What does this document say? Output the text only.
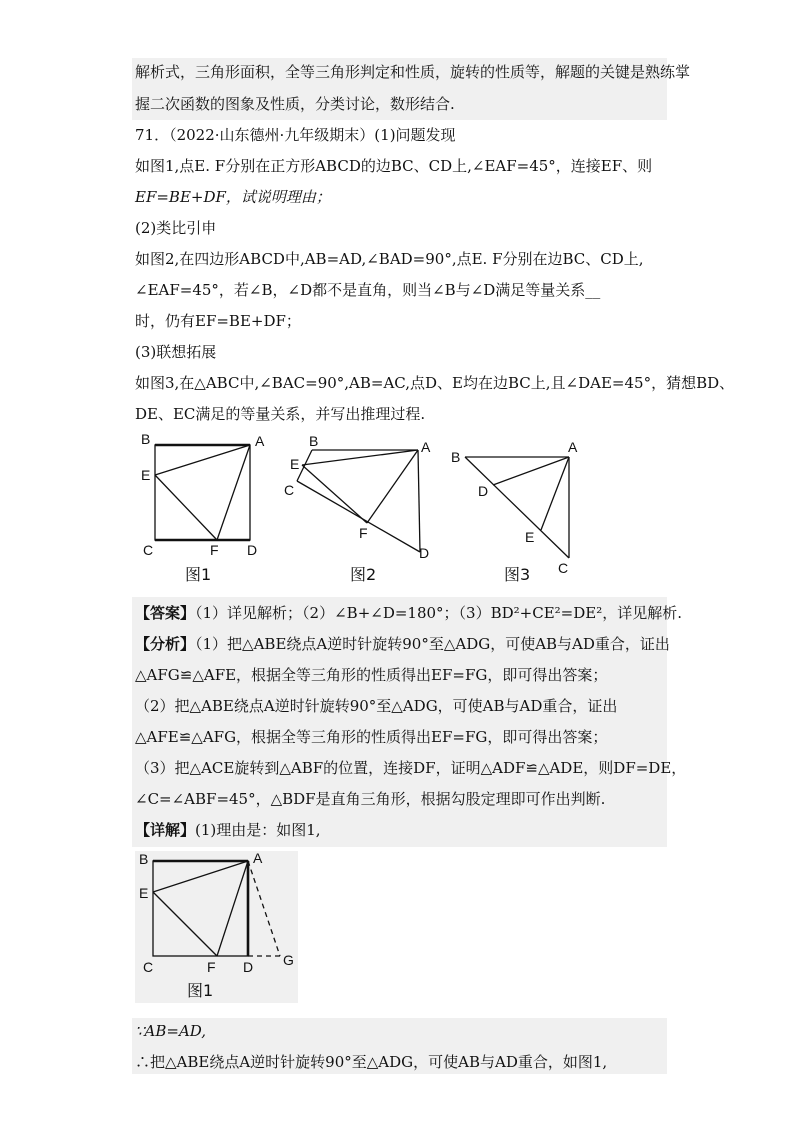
解析式，三角形面积，全等三角形判定和性质，旋转的性质等，解题的关键是熟练掌
握二次函数的图象及性质，分类讨论，数形结合.
71．（2022·山东德州·九年级期末）(1)问题发现
如图1,点E. F分别在正方形ABCD的边BC、CD上,∠EAF=45°，连接EF、则
EF=BE+DF，试说明理由；
(2)类比引申
如图2,在四边形ABCD中,AB=AD,∠BAD=90°,点E. F分别在边BC、CD上,
∠EAF=45°，若∠B，∠D都不是直角，则当∠B与∠D满足等量关系__
时，仍有EF=BE+DF；
(3)联想拓展
如图3,在△ABC中,∠BAC=90°,AB=AC,点D、E均在边BC上,且∠DAE=45°，猜想BD、
DE、EC满足的等量关系，并写出推理过程.
B	A
E
C	F D
图1
B	A
E
C
F
D
图2
B
A
D
E
C
图3
【答案】（1）详见解析；（2）∠B+∠D=180°；（3）BD²+CE²=DE²，详见解析.
【分析】（1）把△ABE绕点A逆时针旋转90°至△ADG，可使AB与AD重合，证出
△AFG≌△AFE，根据全等三角形的性质得出EF=FG，即可得出答案；
（2）把△ABE绕点A逆时针旋转90°至△ADG，可使AB与AD重合，证出
△AFE≌△AFG，根据全等三角形的性质得出EF=FG，即可得出答案；
（3）把△ACE旋转到△ABF的位置，连接DF，证明△ADF≌△ADE，则DF=DE，
∠C=∠ABF=45°，△BDF是直角三角形，根据勾股定理即可作出判断.
【详解】(1)理由是：如图1,
B	A
E
C	F D G
图1
∵AB=AD,
∴把△ABE绕点A逆时针旋转90°至△ADG，可使AB与AD重合，如图1,
